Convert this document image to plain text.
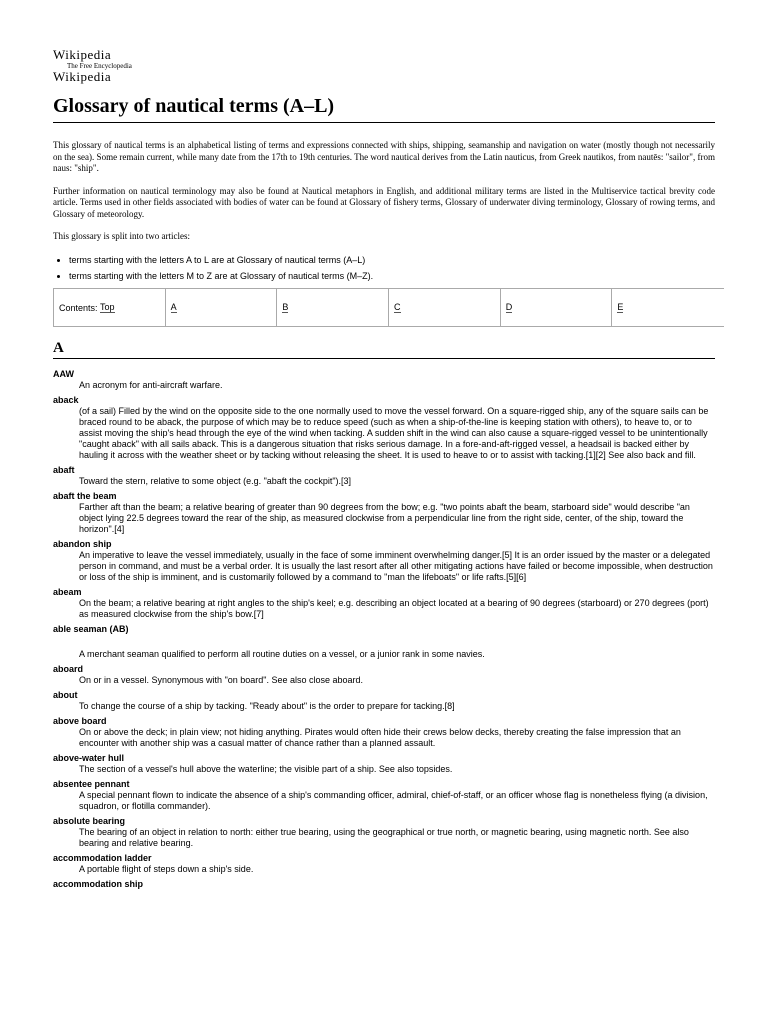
Wikipedia
The Free Encyclopedia
Wikipedia
Glossary of nautical terms (A–L)

This glossary of nautical terms is an alphabetical listing of terms and expressions connected with ships, shipping, seamanship and navigation on water (mostly though not necessarily on the sea). Some remain current, while many date from the 17th to 19th centuries. The word nautical derives from the Latin nauticus, from Greek nautikos, from nautēs: "sailor", from naus: "ship".

Further information on nautical terminology may also be found at Nautical metaphors in English, and additional military terms are listed in the Multiservice tactical brevity code article. Terms used in other fields associated with bodies of water can be found at Glossary of fishery terms, Glossary of underwater diving terminology, Glossary of rowing terms, and Glossary of meteorology.

This glossary is split into two articles:

• terms starting with the letters A to L are at Glossary of nautical terms (A–L)
• terms starting with the letters M to Z are at Glossary of nautical terms (M–Z).
Contents:
Top	A	B	C	D	E
A
AAW
An acronym for anti-aircraft warfare.
aback
(of a sail) Filled by the wind on the opposite side to the one normally used to move the vessel forward. On a square-rigged ship, any of the square sails can be braced round to be aback, the purpose of which may be to reduce speed (such as when a ship-of-the-line is keeping station with others), to heave to, or to assist moving the ship's head through the eye of the wind when tacking. A sudden shift in the wind can also cause a square-rigged vessel to be unintentionally "caught aback" with all sails aback. This is a dangerous situation that risks serious damage. In a fore-and-aft-rigged vessel, a headsail is backed either by hauling it across with the weather sheet or by tacking without releasing the sheet. It is used to heave to or to assist with tacking.[1][2] See also back and fill.
abaft
Toward the stern, relative to some object (e.g. "abaft the cockpit").[3]
abaft the beam
Farther aft than the beam; a relative bearing of greater than 90 degrees from the bow; e.g. "two points abaft the beam, starboard side" would describe "an object lying 22.5 degrees toward the rear of the ship, as measured clockwise from a perpendicular line from the right side, center, of the ship, toward the horizon".[4]
abandon ship
An imperative to leave the vessel immediately, usually in the face of some imminent overwhelming danger.[5] It is an order issued by the master or a delegated person in command, and must be a verbal order. It is usually the last resort after all other mitigating actions have failed or become impossible, when destruction or loss of the ship is imminent, and is customarily followed by a command to "man the lifeboats" or life rafts.[5][6]
abeam
On the beam; a relative bearing at right angles to the ship's keel; e.g. describing an object located at a bearing of 90 degrees (starboard) or 270 degrees (port) as measured clockwise from the ship's bow.[7]
able seaman (AB)
A merchant seaman qualified to perform all routine duties on a vessel, or a junior rank in some navies.
aboard
On or in a vessel. Synonymous with "on board". See also close aboard.
about
To change the course of a ship by tacking. "Ready about" is the order to prepare for tacking.[8]
above board
On or above the deck; in plain view; not hiding anything. Pirates would often hide their crews below decks, thereby creating the false impression that an encounter with another ship was a casual matter of chance rather than a planned assault.
above-water hull
The section of a vessel's hull above the waterline; the visible part of a ship. See also topsides.
absentee pennant
A special pennant flown to indicate the absence of a ship's commanding officer, admiral, chief-of-staff, or an officer whose flag is nonetheless flying (a division, squadron, or flotilla commander).
absolute bearing
The bearing of an object in relation to north: either true bearing, using the geographical or true north, or magnetic bearing, using magnetic north. See also bearing and relative bearing.
accommodation ladder
A portable flight of steps down a ship's side.
accommodation ship
